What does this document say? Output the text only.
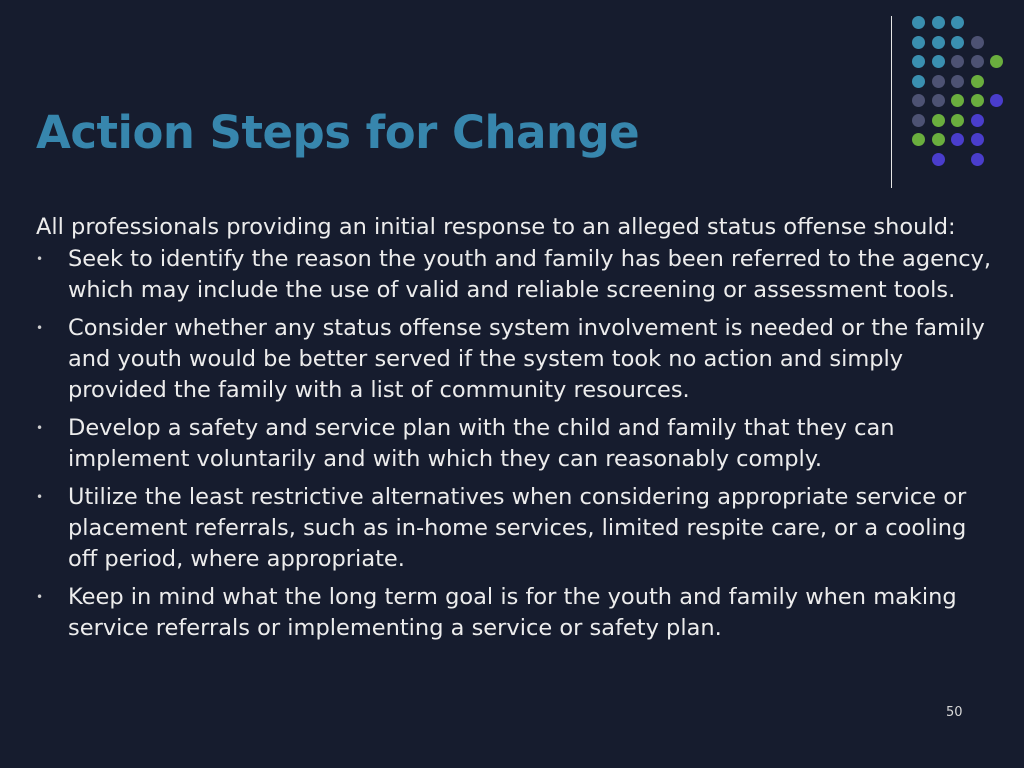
Action Steps for Change

All professionals providing an initial response to an alleged status offense should:

• Seek to identify the reason the youth and family has been referred to the agency, which may include the use of valid and reliable screening or assessment tools.
• Consider whether any status offense system involvement is needed or the family and youth would be better served if the system took no action and simply provided the family with a list of community resources.
• Develop a safety and service plan with the child and family that they can implement voluntarily and with which they can reasonably comply.
• Utilize the least restrictive alternatives when considering appropriate service or placement referrals, such as in-home services, limited respite care, or a cooling off period, where appropriate.
• Keep in mind what the long term goal is for the youth and family when making service referrals or implementing a service or safety plan.
50
